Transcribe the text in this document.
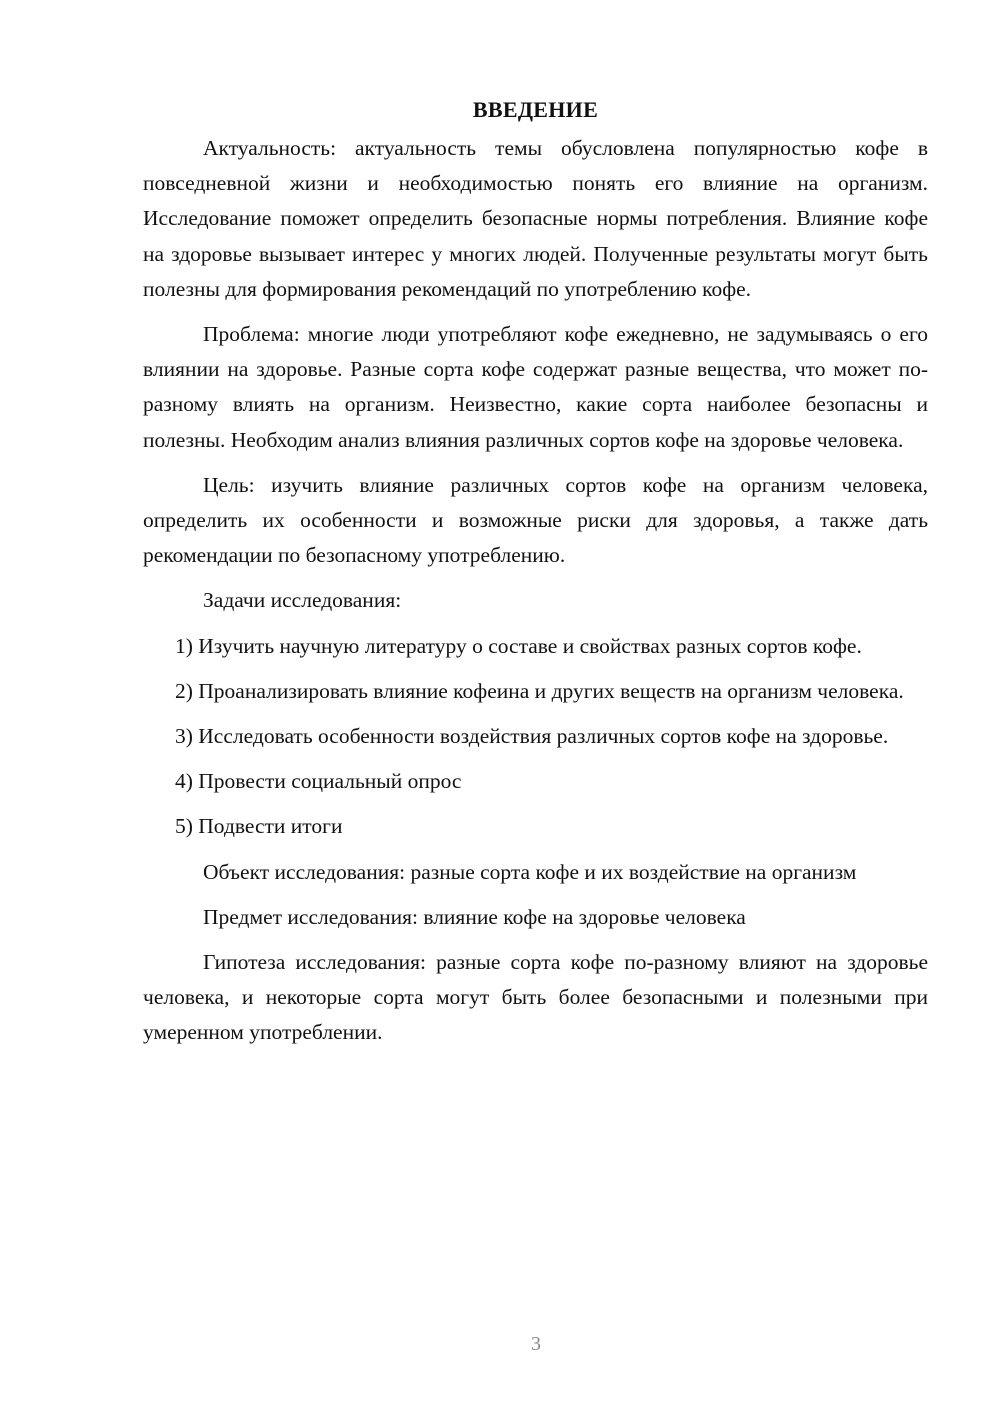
ВВЕДЕНИЕ

Актуальность: актуальность темы обусловлена популярностью кофе в повседневной жизни и необходимостью понять его влияние на организм. Исследование поможет определить безопасные нормы потребления. Влияние кофе на здоровье вызывает интерес у многих людей. Полученные результаты могут быть полезны для формирования рекомендаций по употреблению кофе.

Проблема: многие люди употребляют кофе ежедневно, не задумываясь о его влиянии на здоровье. Разные сорта кофе содержат разные вещества, что может по-разному влиять на организм. Неизвестно, какие сорта наиболее безопасны и полезны. Необходим анализ влияния различных сортов кофе на здоровье человека.

Цель: изучить влияние различных сортов кофе на организм человека, определить их особенности и возможные риски для здоровья, а также дать рекомендации по безопасному употреблению.

Задачи исследования:

1) Изучить научную литературу о составе и свойствах разных сортов кофе.

2) Проанализировать влияние кофеина и других веществ на организм человека.

3) Исследовать особенности воздействия различных сортов кофе на здоровье.

4) Провести социальный опрос

5) Подвести итоги

Объект исследования: разные сорта кофе и их воздействие на организм

Предмет исследования: влияние кофе на здоровье человека

Гипотеза исследования: разные сорта кофе по-разному влияют на здоровье человека, и некоторые сорта могут быть более безопасными и полезными при умеренном употреблении.

3
